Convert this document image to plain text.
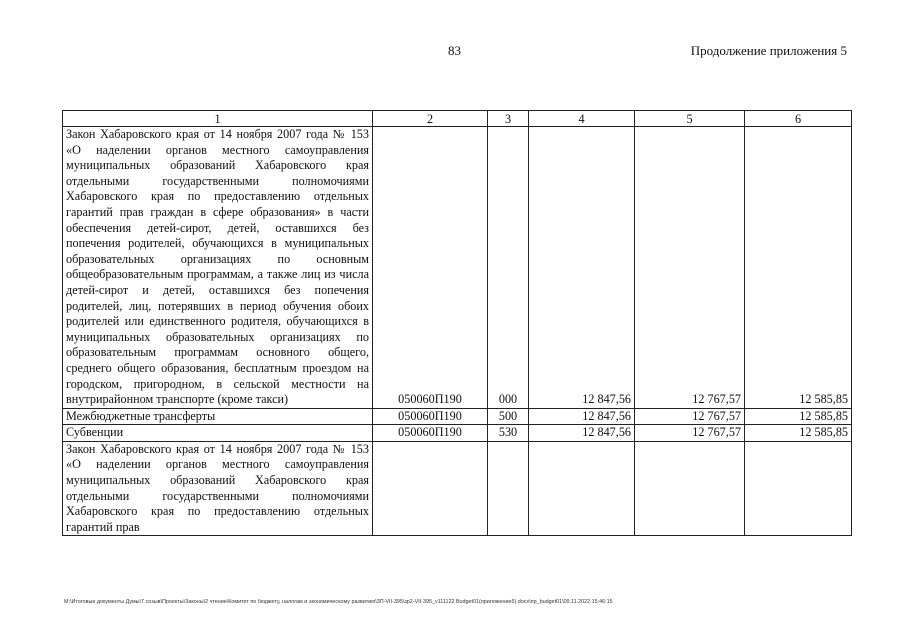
83	Продолжение приложения 5
1	2	3	4	5	6
Закон Хабаровского края от 14 ноября 2007 года № 153 «О наделении органов местного самоуправления муниципальных образований Хабаровского края отдельными государственными полномочиями Хабаровского края по предоставлению отдельных гарантий прав граждан в сфере образования» в части обеспечения детей-сирот, детей, оставшихся без попечения родителей, обучающихся в муниципальных образовательных организациях по основным общеобразовательным программам, а также лиц из числа детей-сирот и детей, оставшихся без попечения родителей, лиц, потерявших в период обучения обоих родителей или единственного родителя, обучающихся в муниципальных образовательных организациях по образовательным программам основного общего, среднего общего образования, бесплатным проездом на городском, пригородном, в сельской местности на внутрирайонном транспорте (кроме такси)	050060П190	000	12 847,56	12 767,57	12 585,85
Межбюджетные трансферты	050060П190	500	12 847,56	12 767,57	12 585,85
Субвенции	050060П190	530	12 847,56	12 767,57	12 585,85
Закон Хабаровского края от 14 ноября 2007 года № 153 «О наделении органов местного самоуправления муниципальных образований Хабаровского края отдельными государственными полномочиями Хабаровского края по предоставлению отдельных гарантий прав					
M:\Итоговые документы Думы\7 созыв\Проекты\Законы\2 чтение\Комитет по бюджету, налогам и экономическому развитию\3П-VII-395\зр2-VII-395_v111122 Budget01(приложение5).docx\пр_budget01\09.11.2022 15:46:15
